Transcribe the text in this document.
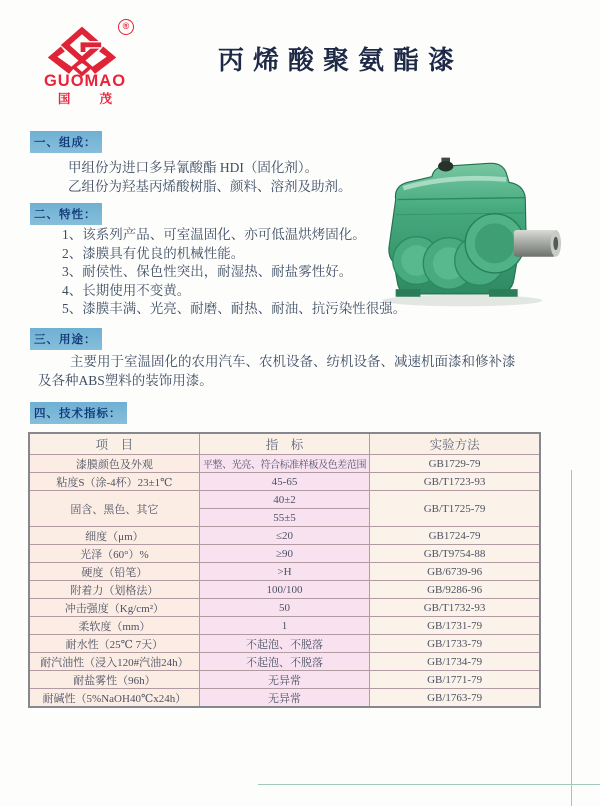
®
GUOMAO
国 茂
丙烯酸聚氨酯漆
一、组成：
甲组份为进口多异氰酸酯 HDI（固化剂）。
乙组份为羟基丙烯酸树脂、颜料、溶剂及助剂。
二、特性：
1、该系列产品、可室温固化、亦可低温烘烤固化。
2、漆膜具有优良的机械性能。
3、耐侯性、保色性突出，耐湿热、耐盐雾性好。
4、长期使用不变黄。
5、漆膜丰满、光亮、耐磨、耐热、耐油、抗污染性很强。
三、用途：

主要用于室温固化的农用汽车、农机设备、纺机设备、减速机面漆和修补漆及各种ABS塑料的装饰用漆。

四、技术指标：
项　目	指　标	实验方法
漆膜颜色及外观	平整、光亮、符合标准样板及色差范围	GB1729-79
粘度S（涂-4杯）23±1℃	45-65	GB/T1723-93
固含、黑色、其它	40±2	GB/T1725-79
	55±5	
细度（μm）	≤20	GB1724-79
光泽（60°）%	≥90	GB/T9754-88
硬度（铅笔）	>H	GB/6739-96
附着力（划格法）	100/100	GB/9286-96
冲击强度（Kg/cm²）	50	GB/T1732-93
柔软度（mm）	1	GB/1731-79
耐水性（25℃ 7天）	不起泡、不脱落	GB/1733-79
耐汽油性（浸入120#汽油24h）	不起泡、不脱落	GB/1734-79
耐盐雾性（96h）	无异常	GB/1771-79
耐碱性（5%NaOH40℃x24h）	无异常	GB/1763-79
